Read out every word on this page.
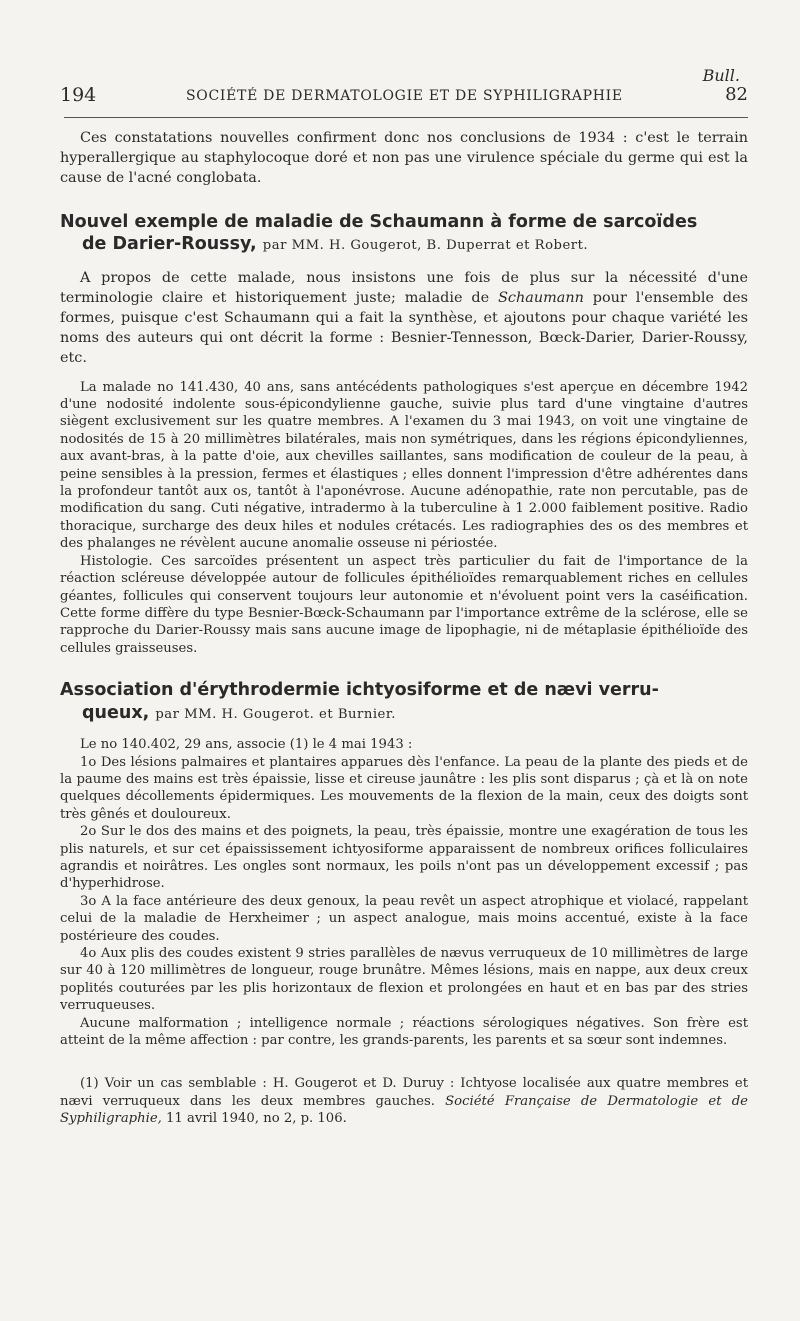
Bull.
194	SOCIÉTÉ DE DERMATOLOGIE ET DE SYPHILIGRAPHIE	82

Ces constatations nouvelles confirment donc nos conclusions de 1934 : c'est le terrain hyperallergique au staphylocoque doré et non pas une virulence spéciale du germe qui est la cause de l'acné conglobata.

Nouvel exemple de maladie de Schaumann à forme de sarcoïdes

de Darier-Roussy, par MM. H. Gougerot, B. Duperrat et Robert.

A propos de cette malade, nous insistons une fois de plus sur la nécessité d'une terminologie claire et historiquement juste; maladie de Schaumann pour l'ensemble des formes, puisque c'est Schaumann qui a fait la synthèse, et ajoutons pour chaque variété les noms des auteurs qui ont décrit la forme : Besnier-Tennesson, Bœck-Darier, Darier-Roussy, etc.

La malade no 141.430, 40 ans, sans antécédents pathologiques s'est aperçue en décembre 1942 d'une nodosité indolente sous-épicondylienne gauche, suivie plus tard d'une vingtaine d'autres siègent exclusivement sur les quatre membres. A l'examen du 3 mai 1943, on voit une vingtaine de nodosités de 15 à 20 millimètres bilatérales, mais non symétriques, dans les régions épicondyliennes, aux avant-bras, à la patte d'oie, aux chevilles saillantes, sans modification de couleur de la peau, à peine sensibles à la pression, fermes et élastiques ; elles donnent l'impression d'être adhérentes dans la profondeur tantôt aux os, tantôt à l'aponévrose. Aucune adénopathie, rate non percutable, pas de modification du sang. Cuti négative, intradermo à la tuberculine à 1 2.000 faiblement positive. Radio thoracique, surcharge des deux hiles et nodules crétacés. Les radiographies des os des membres et des phalanges ne révèlent aucune anomalie osseuse ni périostée.

Histologie. Ces sarcoïdes présentent un aspect très particulier du fait de l'importance de la réaction scléreuse développée autour de follicules épithélioïdes remarquablement riches en cellules géantes, follicules qui conservent toujours leur autonomie et n'évoluent point vers la caséification. Cette forme diffère du type Besnier-Bœck-Schaumann par l'importance extrême de la sclérose, elle se rapproche du Darier-Roussy mais sans aucune image de lipophagie, ni de métaplasie épithélioïde des cellules graisseuses.

Association d'érythrodermie ichtyosiforme et de nævi verru-

queux, par MM. H. Gougerot. et Burnier.

Le no 140.402, 29 ans, associe (1) le 4 mai 1943 :

1o Des lésions palmaires et plantaires apparues dès l'enfance. La peau de la plante des pieds et de la paume des mains est très épaissie, lisse et cireuse jaunâtre : les plis sont disparus ; çà et là on note quelques décollements épidermiques. Les mouvements de la flexion de la main, ceux des doigts sont très gênés et douloureux.

2o Sur le dos des mains et des poignets, la peau, très épaissie, montre une exagération de tous les plis naturels, et sur cet épaississement ichtyosiforme apparaissent de nombreux orifices folliculaires agrandis et noirâtres. Les ongles sont normaux, les poils n'ont pas un développement excessif ; pas d'hyperhidrose.

3o A la face antérieure des deux genoux, la peau revêt un aspect atrophique et violacé, rappelant celui de la maladie de Herxheimer ; un aspect analogue, mais moins accentué, existe à la face postérieure des coudes.

4o Aux plis des coudes existent 9 stries parallèles de nævus verruqueux de 10 millimètres de large sur 40 à 120 millimètres de longueur, rouge brunâtre. Mêmes lésions, mais en nappe, aux deux creux poplités couturées par les plis horizontaux de flexion et prolongées en haut et en bas par des stries verruqueuses.

Aucune malformation ; intelligence normale ; réactions sérologiques négatives. Son frère est atteint de la même affection : par contre, les grands-parents, les parents et sa sœur sont indemnes.

(1) Voir un cas semblable : H. Gougerot et D. Duruy : Ichtyose localisée aux quatre membres et nævi verruqueux dans les deux membres gauches. Société Française de Dermatologie et de Syphiligraphie, 11 avril 1940, no 2, p. 106.
